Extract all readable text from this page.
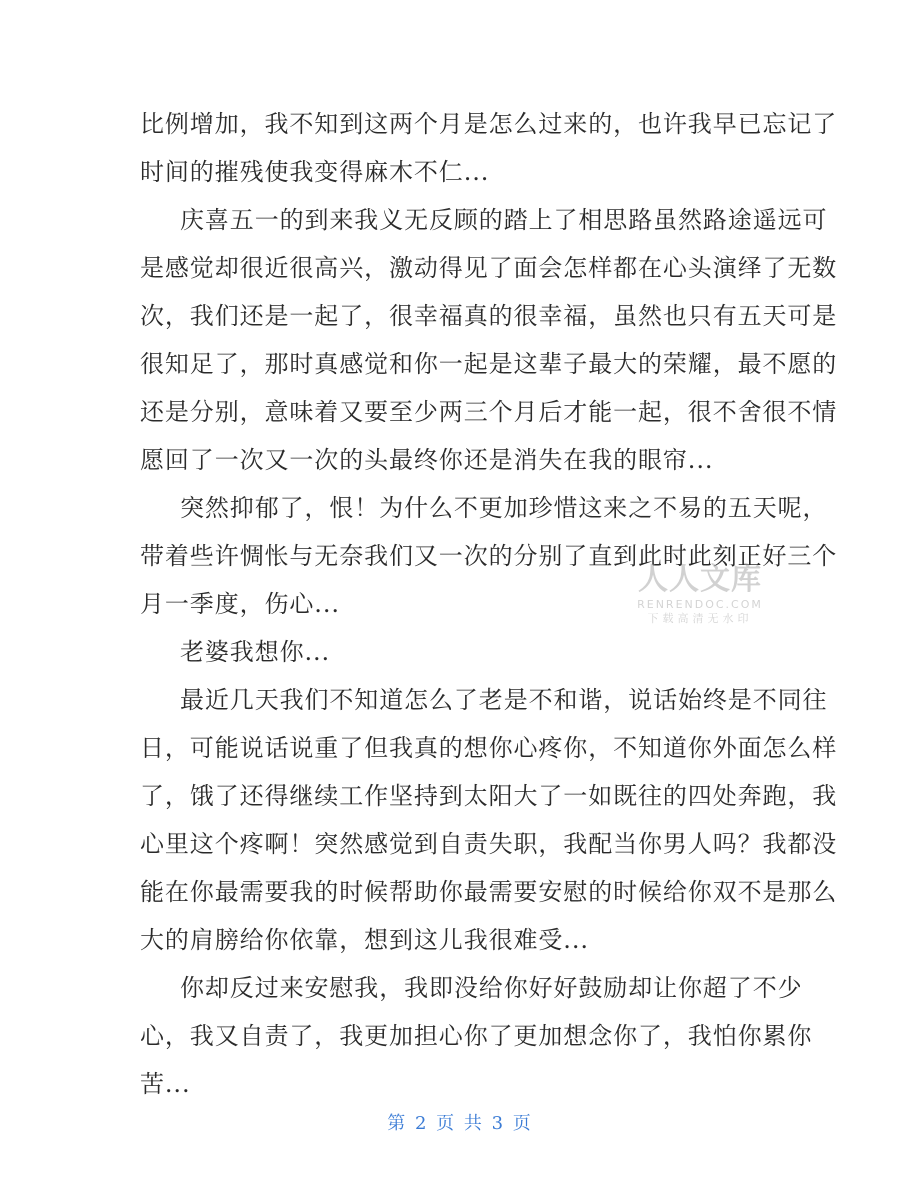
比例增加，我不知到这两个月是怎么过来的，也许我早已忘记了
时间的摧残使我变得麻木不仁...
庆喜五一的到来我义无反顾的踏上了相思路虽然路途遥远可
是感觉却很近很高兴，激动得见了面会怎样都在心头演绎了无数
次，我们还是一起了，很幸福真的很幸福，虽然也只有五天可是
很知足了，那时真感觉和你一起是这辈子最大的荣耀，最不愿的
还是分别，意味着又要至少两三个月后才能一起，很不舍很不情
愿回了一次又一次的头最终你还是消失在我的眼帘...
突然抑郁了，恨！为什么不更加珍惜这来之不易的五天呢，
带着些许惆怅与无奈我们又一次的分别了直到此时此刻正好三个
月一季度，伤心...
老婆我想你...
最近几天我们不知道怎么了老是不和谐，说话始终是不同往
日，可能说话说重了但我真的想你心疼你，不知道你外面怎么样
了，饿了还得继续工作坚持到太阳大了一如既往的四处奔跑，我
心里这个疼啊！突然感觉到自责失职，我配当你男人吗？我都没
能在你最需要我的时候帮助你最需要安慰的时候给你双不是那么
大的肩膀给你依靠，想到这儿我很难受...
你却反过来安慰我，我即没给你好好鼓励却让你超了不少
心，我又自责了，我更加担心你了更加想念你了，我怕你累你
苦...
人人文库
RENRENDOC.COM
下载高清无水印
第 2 页 共 3 页
